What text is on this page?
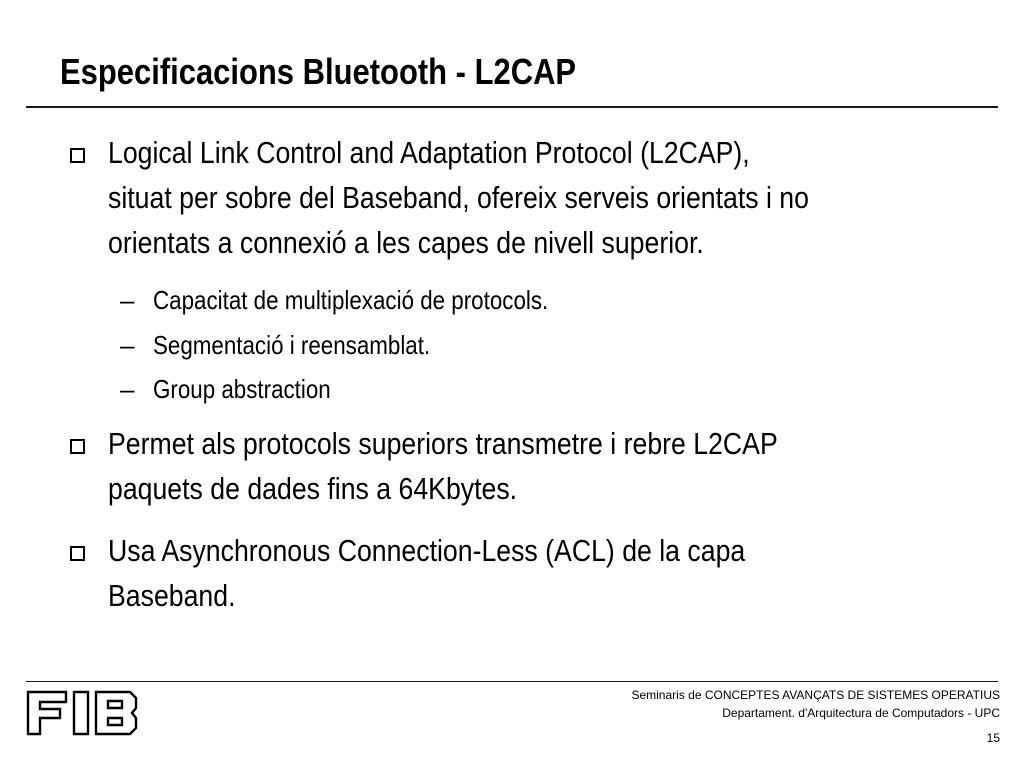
Especificacions Bluetooth - L2CAP

Logical Link Control and Adaptation Protocol (L2CAP),
situat per sobre del Baseband, ofereix serveis orientats i no
orientats a connexió a les capes de nivell superior.

– Capacitat de multiplexació de protocols.

– Segmentació i reensamblat.

– Group abstraction

Permet als protocols superiors transmetre i rebre L2CAP
paquets de dades fins a 64Kbytes.

Usa Asynchronous Connection-Less (ACL) de la capa
Baseband.

Seminaris de CONCEPTES AVANÇATS DE SISTEMES OPERATIUS
Departament. d'Arquitectura de Computadors - UPC
15
